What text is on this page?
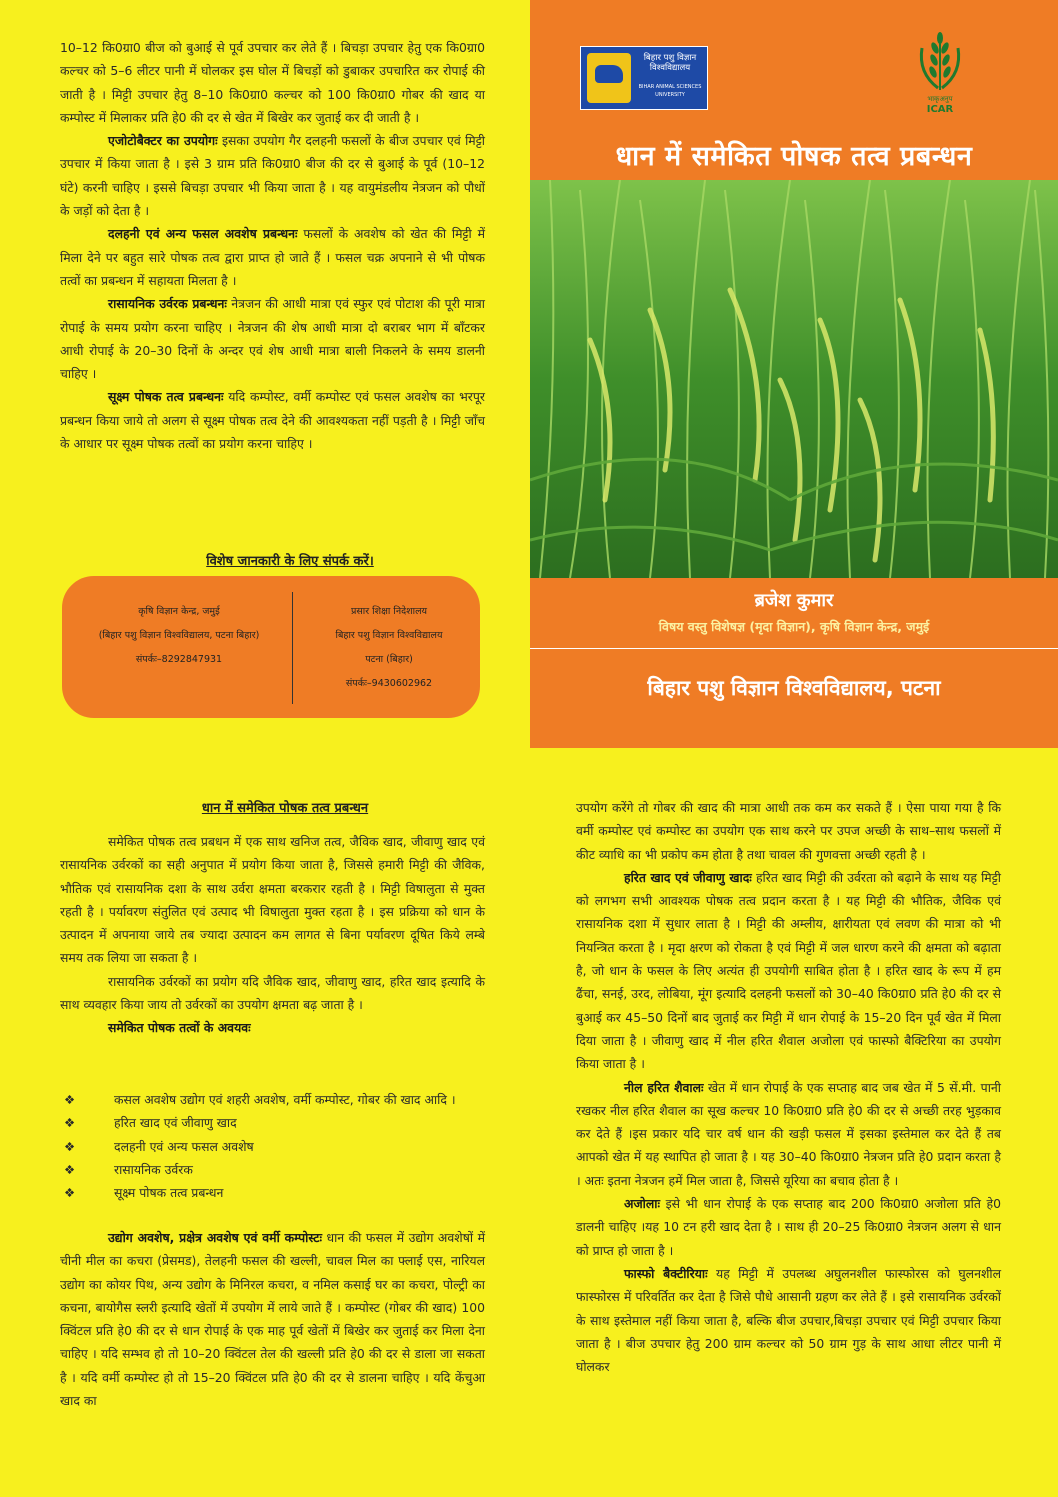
10–12 कि0ग्रा0 बीज को बुआई से पूर्व उपचार कर लेते हैं । बिचड़ा उपचार हेतु एक कि0ग्रा0 कल्चर को 5–6 लीटर पानी में घोलकर इस घोल में बिचड़ों को डुबाकर उपचारित कर रोपाई की जाती है । मिट्टी उपचार हेतु 8–10 कि0ग्रा0 कल्चर को 100 कि0ग्रा0 गोबर की खाद या कम्पोस्ट में मिलाकर प्रति हे0 की दर से खेत में बिखेर कर जुताई कर दी जाती है ।

एजोटोबैक्टर का उपयोगः इसका उपयोग गैर दलहनी फसलों के बीज उपचार एवं मिट्टी उपचार में किया जाता है । इसे 3 ग्राम प्रति कि0ग्रा0 बीज की दर से बुआई के पूर्व (10–12 घंटे) करनी चाहिए । इससे बिचड़ा उपचार भी किया जाता है । यह वायुमंडलीय नेत्रजन को पौधों के जड़ों को देता है ।

दलहनी एवं अन्य फसल अवशेष प्रबन्धनः फसलों के अवशेष को खेत की मिट्टी में मिला देने पर बहुत सारे पोषक तत्व द्वारा प्राप्त हो जाते हैं । फसल चक्र अपनाने से भी पोषक तत्वों का प्रबन्धन में सहायता मिलता है ।

रासायनिक उर्वरक प्रबन्धनः नेत्रजन की आधी मात्रा एवं स्फुर एवं पोटाश की पूरी मात्रा रोपाई के समय प्रयोग करना चाहिए । नेत्रजन की शेष आधी मात्रा दो बराबर भाग में बाँटकर आधी रोपाई के 20–30 दिनों के अन्दर एवं शेष आधी मात्रा बाली निकलने के समय डालनी चाहिए ।

सूक्ष्म पोषक तत्व प्रबन्धनः यदि कम्पोस्ट, वर्मी कम्पोस्ट एवं फसल अवशेष का भरपूर प्रबन्धन किया जाये तो अलग से सूक्ष्म पोषक तत्व देने की आवश्यकता नहीं पड़ती है । मिट्टी जाँच के आधार पर सूक्ष्म पोषक तत्वों का प्रयोग करना चाहिए ।

विशेष जानकारी के लिए संपर्क करें।
कृषि विज्ञान केन्द्र, जमुई
(बिहार पशु विज्ञान विश्वविद्यालय, पटना बिहार)
संपर्कः–8292847931
प्रसार शिक्षा निदेशालय
बिहार पशु विज्ञान विश्वविद्यालय
पटना (बिहार)
संपर्कः–9430602962
बिहार पशु विज्ञान
विश्वविद्यालय
BIHAR ANIMAL SCIENCES UNIVERSITY	भाकृअनुप
ICAR
धान में समेकित पोषक तत्व प्रबन्धन
ब्रजेश कुमार
विषय वस्तु विशेषज्ञ (मृदा विज्ञान), कृषि विज्ञान केन्द्र, जमुई
बिहार पशु विज्ञान विश्वविद्यालय, पटना
धान में समेकित पोषक तत्व प्रबन्धन

समेकित पोषक तत्व प्रबधन में एक साथ खनिज तत्व, जैविक खाद, जीवाणु खाद एवं रासायनिक उर्वरकों का सही अनुपात में प्रयोग किया जाता है, जिससे हमारी मिट्टी की जैविक, भौतिक एवं रासायनिक दशा के साथ उर्वरा क्षमता बरकरार रहती है । मिट्टी विषालुता से मुक्त रहती है । पर्यावरण संतुलित एवं उत्पाद भी विषालुता मुक्त रहता है । इस प्रक्रिया को धान के उत्पादन में अपनाया जाये तब ज्यादा उत्पादन कम लागत से बिना पर्यावरण दूषित किये लम्बे समय तक लिया जा सकता है ।

रासायनिक उर्वरकों का प्रयोग यदि जैविक खाद, जीवाणु खाद, हरित खाद इत्यादि के साथ व्यवहार किया जाय तो उर्वरकों का उपयोग क्षमता बढ़ जाता है ।

समेकित पोषक तत्वों के अवयवः

❖	कसल अवशेष उद्योग एवं शहरी अवशेष, वर्मी कम्पोस्ट, गोबर की खाद आदि ।
❖	हरित खाद एवं जीवाणु खाद
❖	दलहनी एवं अन्य फसल अवशेष
❖	रासायनिक उर्वरक
❖	सूक्ष्म पोषक तत्व प्रबन्धन

उद्योग अवशेष, प्रक्षेत्र अवशेष एवं वर्मी कम्पोस्टः धान की फसल में उद्योग अवशेषों में चीनी मील का कचरा (प्रेसमड), तेलहनी फसल की खल्ली, चावल मिल का फ्लाई एस, नारियल उद्योग का कोयर पिथ, अन्य उद्योग के मिनिरल कचरा, व नमिल कसाई घर का कचरा, पोल्ट्री का कचना, बायोगैस स्लरी इत्यादि खेतों में उपयोग में लाये जाते हैं । कम्पोस्ट (गोबर की खाद) 100 क्विंटल प्रति हे0 की दर से धान रोपाई के एक माह पूर्व खेतों में बिखेर कर जुताई कर मिला देना चाहिए । यदि सम्भव हो तो 10–20 क्विंटल तेल की खल्ली प्रति हे0 की दर से डाला जा सकता है । यदि वर्मी कम्पोस्ट हो तो 15–20 क्विंटल प्रति हे0 की दर से डालना चाहिए । यदि केंचुआ खाद का

उपयोग करेंगे तो गोबर की खाद की मात्रा आधी तक कम कर सकते हैं । ऐसा पाया गया है कि वर्मी कम्पोस्ट एवं कम्पोस्ट का उपयोग एक साथ करने पर उपज अच्छी के साथ–साथ फसलों में कीट व्याधि का भी प्रकोप कम होता है तथा चावल की गुणवत्ता अच्छी रहती है ।

हरित खाद एवं जीवाणु खादः हरित खाद मिट्टी की उर्वरता को बढ़ाने के साथ यह मिट्टी को लगभग सभी आवश्यक पोषक तत्व प्रदान करता है । यह मिट्टी की भौतिक, जैविक एवं रासायनिक दशा में सुधार लाता है । मिट्टी की अम्लीय, क्षारीयता एवं लवण की मात्रा को भी नियन्त्रित करता है । मृदा क्षरण को रोकता है एवं मिट्टी में जल धारण करने की क्षमता को बढ़ाता है, जो धान के फसल के लिए अत्यंत ही उपयोगी साबित होता है । हरित खाद के रूप में हम ढैंचा, सनई, उरद, लोबिया, मूंग इत्यादि दलहनी फसलों को 30–40 कि0ग्रा0 प्रति हे0 की दर से बुआई कर 45–50 दिनों बाद जुताई कर मिट्टी में धान रोपाई के 15–20 दिन पूर्व खेत में मिला दिया जाता है । जीवाणु खाद में नील हरित शैवाल अजोला एवं फास्फो बैक्टिरिया का उपयोग किया जाता है ।

नील हरित शैवालः खेत में धान रोपाई के एक सप्ताह बाद जब खेत में 5 सें.मी. पानी रखकर नील हरित शैवाल का सूख कल्चर 10 कि0ग्रा0 प्रति हे0 की दर से अच्छी तरह भुड़काव कर देते हैं ।इस प्रकार यदि चार वर्ष धान की खड़ी फसल में इसका इस्तेमाल कर देते हैं तब आपको खेत में यह स्थापित हो जाता है । यह 30–40 कि0ग्रा0 नेत्रजन प्रति हे0 प्रदान करता है । अतः इतना नेत्रजन हमें मिल जाता है, जिससे यूरिया का बचाव होता है ।

अजोलाः इसे भी धान रोपाई के एक सप्ताह बाद 200 कि0ग्रा0 अजोला प्रति हे0 डालनी चाहिए ।यह 10 टन हरी खाद देता है । साथ ही 20–25 कि0ग्रा0 नेत्रजन अलग से धान को प्राप्त हो जाता है ।

फास्फो बैक्टीरियाः यह मिट्टी में उपलब्ध अघुलनशील फास्फोरस को घुलनशील फास्फोरस में परिवर्तित कर देता है जिसे पौधे आसानी ग्रहण कर लेते हैं । इसे रासायनिक उर्वरकों के साथ इस्तेमाल नहीं किया जाता है, बल्कि बीज उपचार,बिचड़ा उपचार एवं मिट्टी उपचार किया जाता है । बीज उपचार हेतु 200 ग्राम कल्चर को 50 ग्राम गुड़ के साथ आधा लीटर पानी में घोलकर
